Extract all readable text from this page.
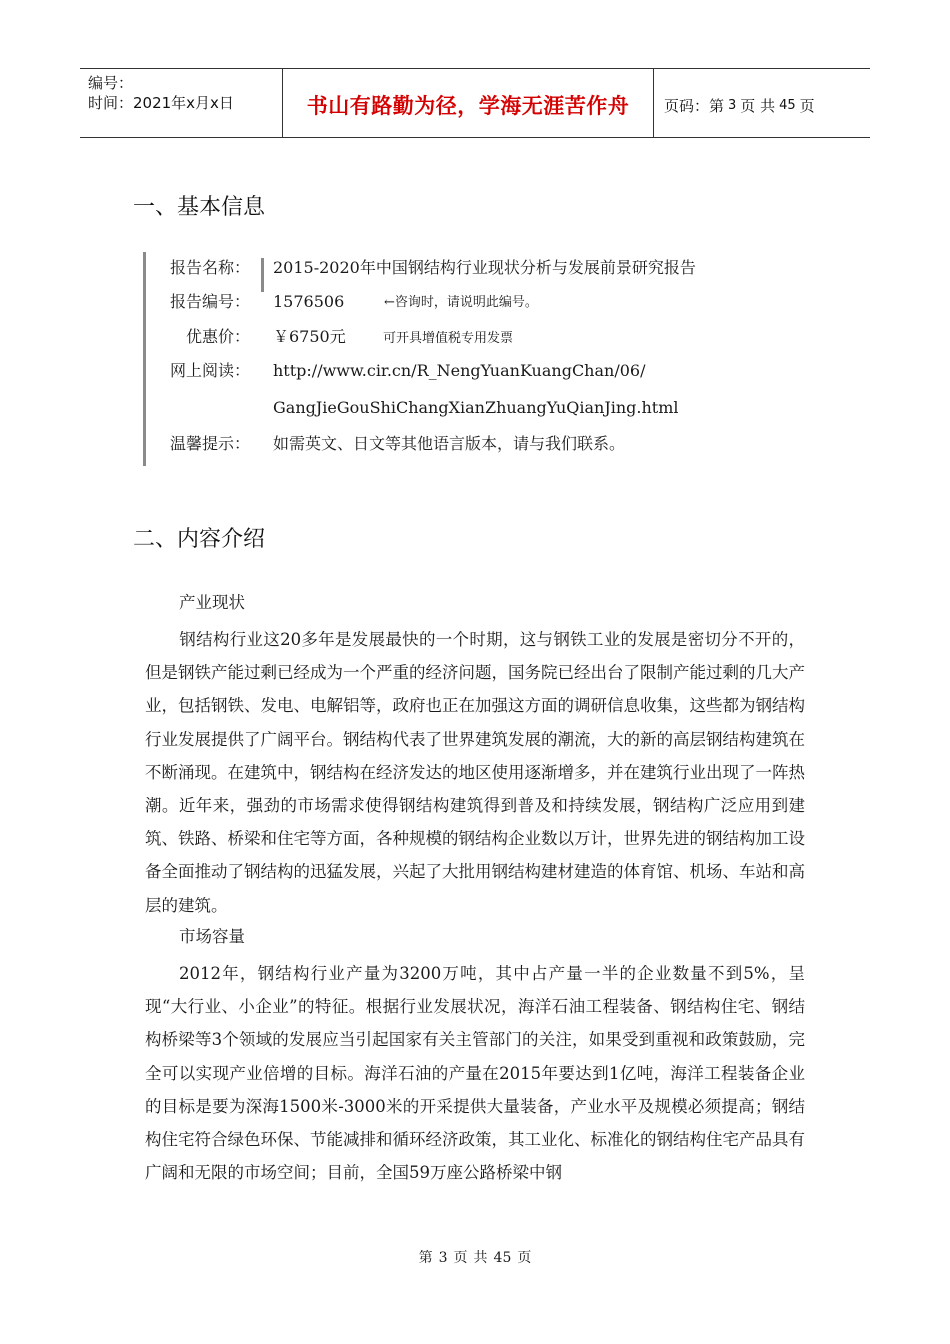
编号：
时间：2021年x月x日	书山有路勤为径，学海无涯苦作舟 页码：第 3 页 共 45 页
一、基本信息
报告名称： 2015-2020年中国钢结构行业现状分析与发展前景研究报告
报告编号： 1576506	←咨询时，请说明此编号。
优惠价： ￥6750元	可开具增值税专用发票
网上阅读： http://www.cir.cn/R_NengYuanKuangChan/06/
GangJieGouShiChangXianZhuangYuQianJing.html
温馨提示： 如需英文、日文等其他语言版本，请与我们联系。
二、内容介绍
产业现状
钢结构行业这20多年是发展最快的一个时期，这与钢铁工业的发展是密切分不开的，但是钢铁产能过剩已经成为一个严重的经济问题，国务院已经出台了限制产能过剩的几大产业，包括钢铁、发电、电解铝等，政府也正在加强这方面的调研信息收集，这些都为钢结构行业发展提供了广阔平台。钢结构代表了世界建筑发展的潮流，大的新的高层钢结构建筑在不断涌现。在建筑中，钢结构在经济发达的地区使用逐渐增多，并在建筑行业出现了一阵热潮。近年来，强劲的市场需求使得钢结构建筑得到普及和持续发展，钢结构广泛应用到建筑、铁路、桥梁和住宅等方面，各种规模的钢结构企业数以万计，世界先进的钢结构加工设备全面推动了钢结构的迅猛发展，兴起了大批用钢结构建材建造的体育馆、机场、车站和高层的建筑。
市场容量
2012年，钢结构行业产量为3200万吨，其中占产量一半的企业数量不到5%，呈现“大行业、小企业”的特征。根据行业发展状况，海洋石油工程装备、钢结构住宅、钢结构桥梁等3个领域的发展应当引起国家有关主管部门的关注，如果受到重视和政策鼓励，完全可以实现产业倍增的目标。海洋石油的产量在2015年要达到1亿吨，海洋工程装备企业的目标是要为深海1500米-3000米的开采提供大量装备，产业水平及规模必须提高；钢结构住宅符合绿色环保、节能减排和循环经济政策，其工业化、标准化的钢结构住宅产品具有广阔和无限的市场空间；目前，全国59万座公路桥梁中钢
第 3 页 共 45 页
